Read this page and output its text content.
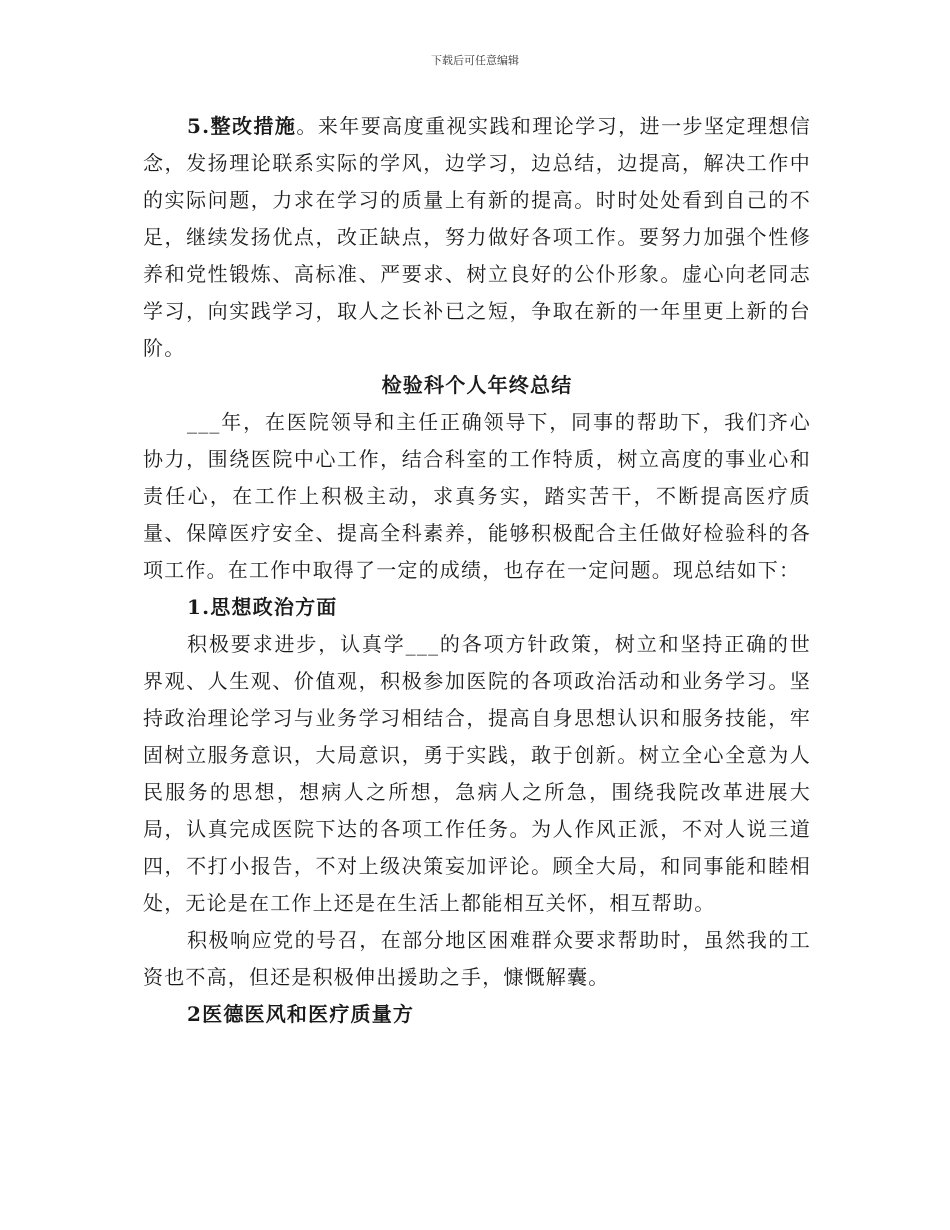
下载后可任意编辑

5.整改措施。来年要高度重视实践和理论学习，进一步坚定理想信念，发扬理论联系实际的学风，边学习，边总结，边提高，解决工作中的实际问题，力求在学习的质量上有新的提高。时时处处看到自己的不足，继续发扬优点，改正缺点，努力做好各项工作。要努力加强个性修养和党性锻炼、高标准、严要求、树立良好的公仆形象。虚心向老同志学习，向实践学习，取人之长补已之短，争取在新的一年里更上新的台阶。

检验科个人年终总结

___年，在医院领导和主任正确领导下，同事的帮助下，我们齐心协力，围绕医院中心工作，结合科室的工作特质，树立高度的事业心和责任心，在工作上积极主动，求真务实，踏实苦干，不断提高医疗质量、保障医疗安全、提高全科素养，能够积极配合主任做好检验科的各项工作。在工作中取得了一定的成绩，也存在一定问题。现总结如下：

1.思想政治方面

积极要求进步，认真学___的各项方针政策，树立和坚持正确的世界观、人生观、价值观，积极参加医院的各项政治活动和业务学习。坚持政治理论学习与业务学习相结合，提高自身思想认识和服务技能，牢固树立服务意识，大局意识，勇于实践，敢于创新。树立全心全意为人民服务的思想，想病人之所想，急病人之所急，围绕我院改革进展大局，认真完成医院下达的各项工作任务。为人作风正派，不对人说三道四，不打小报告，不对上级决策妄加评论。顾全大局，和同事能和睦相处，无论是在工作上还是在生活上都能相互关怀，相互帮助。

积极响应党的号召，在部分地区困难群众要求帮助时，虽然我的工资也不高，但还是积极伸出援助之手，慷慨解囊。

2医德医风和医疗质量方
